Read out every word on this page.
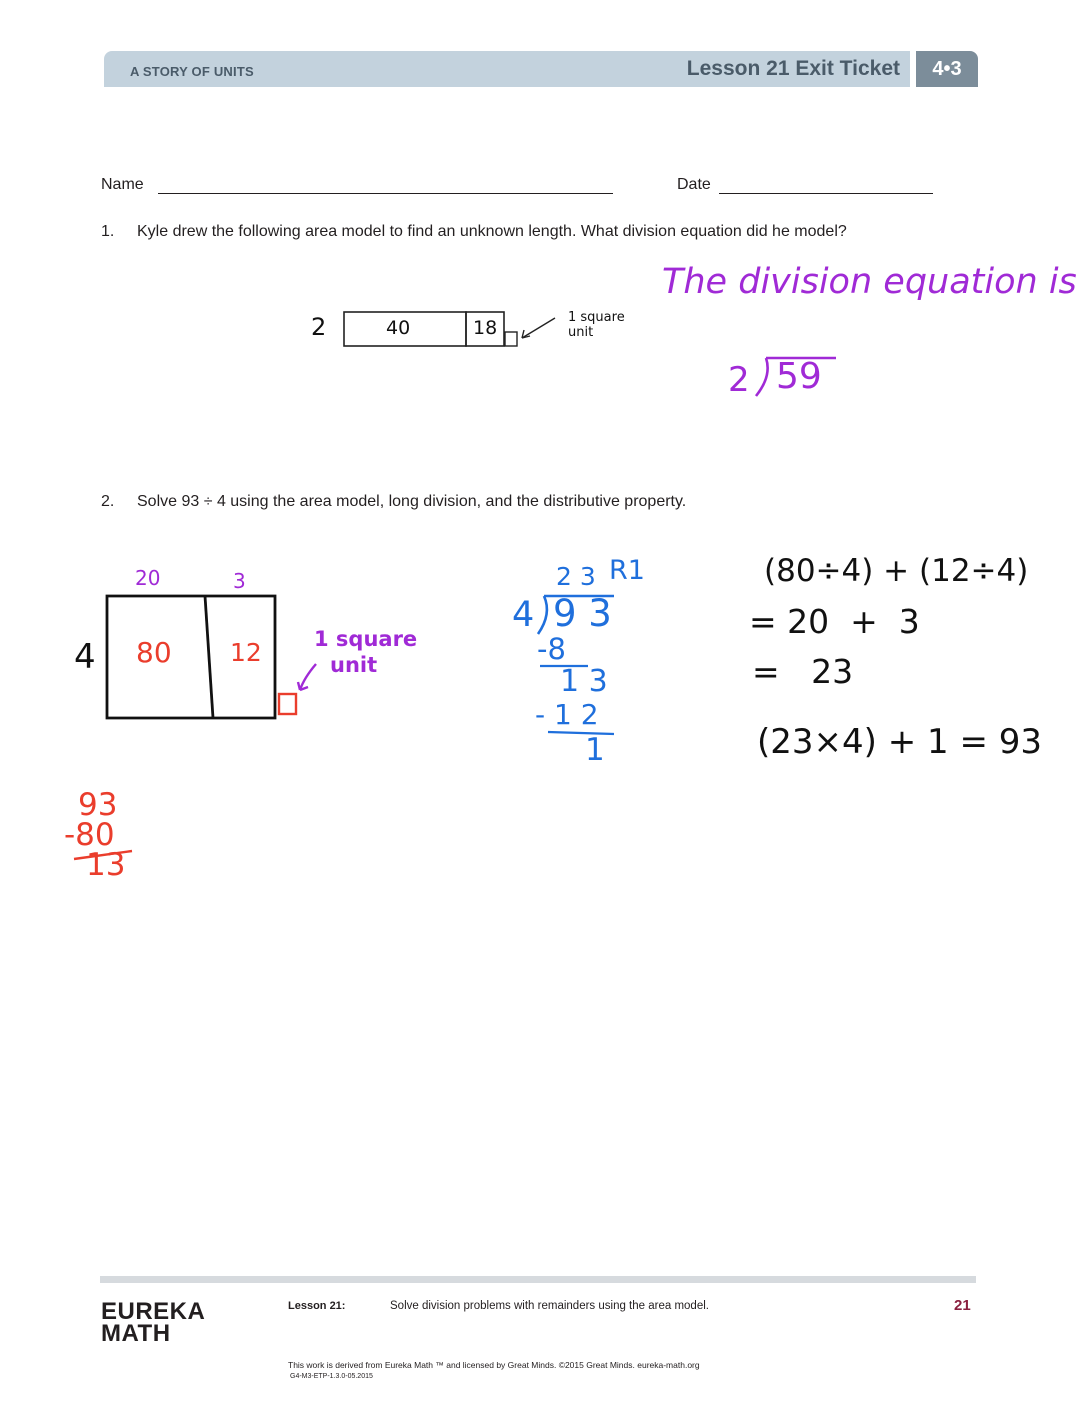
A STORY OF UNITS	Lesson 21 Exit Ticket	4•3
Name	Date
1. Kyle drew the following area model to find an unknown length. What division equation did he model?
2	40	18	1 square
unit
The division equation is
2 59
2. Solve 93 ÷ 4 using the area model, long division, and the distributive property.
20	3
4 80 12 1 square
unit
93
-80
13
2 3 R1
4 9 3
-8
1 3
- 1 2
1
(80÷4) + (12÷4)
= 20  +  3
=   23
(23×4) + 1 = 93
EUREKA
MATH
Lesson 21:	Solve division problems with remainders using the area model.	21
This work is derived from Eureka Math ™ and licensed by Great Minds. ©2015 Great Minds. eureka-math.org
G4-M3-ETP-1.3.0-05.2015
